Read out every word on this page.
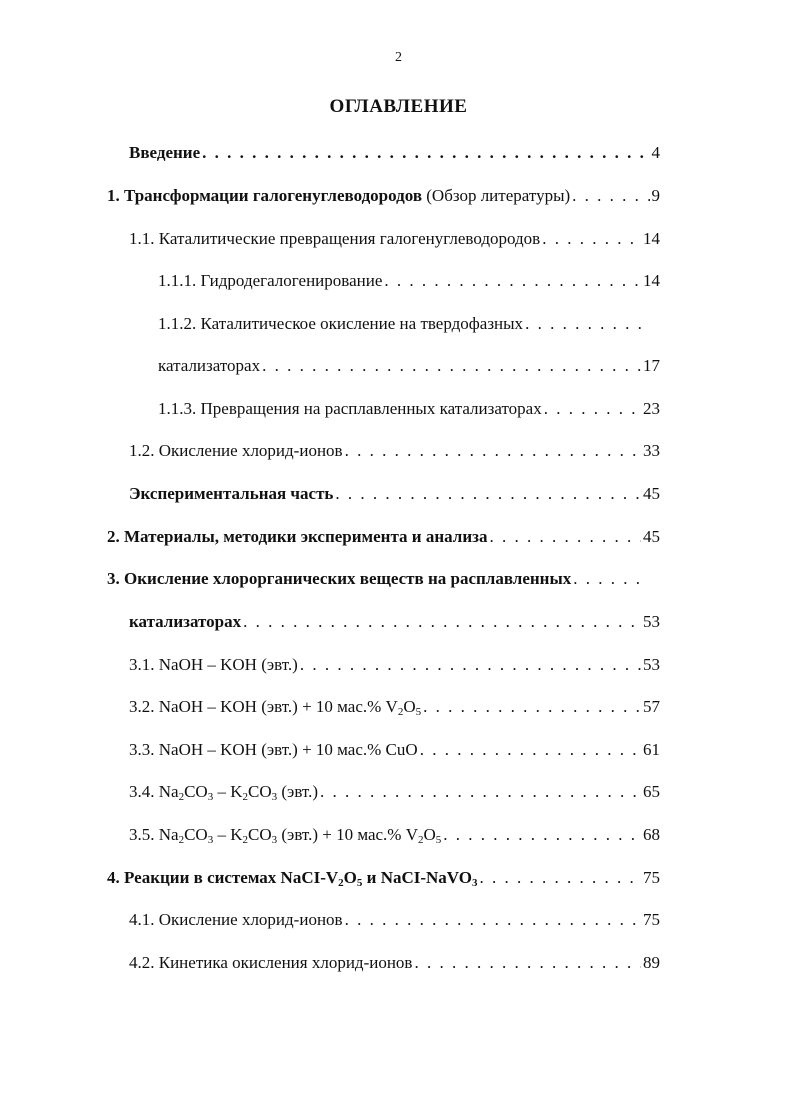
2
ОГЛАВЛЕНИЕ
Введение . . .	4
1. Трансформации галогенуглеводородов (Обзор литературы) . . .	9
1.1. Каталитические превращения галогенуглеводородов . . .	14
1.1.1. Гидродегалогенирование . . .	14
1.1.2. Каталитическое окисление на твердофазных
. . .
катализаторах . . .	17
1.1.3. Превращения на расплавленных катализаторах . . .	23
1.2. Окисление хлорид-ионов . . .	33
Экспериментальная часть . . .	45
2. Материалы, методики эксперимента и анализа . . .	45
3. Окисление хлорорганических веществ на расплавленных
. . .
катализаторах . . .	53
3.1. NaOH – KOH (эвт.) . . .	53
3.2. NaOH – KOH (эвт.) + 10 мас.% $V_2O_5$ . . .	57
3.3. NaOH – KOH (эвт.) + 10 мас.% CuO . . .	61
3.4. $Na_2CO_3 - K_2CO_3$ (эвт.) . . .	65
3.5. $Na_2CO_3 - K_2CO_3$ (эвт.) + 10 мас.% $V_2O_5$ . . .	68
4. Реакции в системах NaCI-$V_2O_5$ и NaCI-NaVO$_3$ . . .	75
4.1. Окисление хлорид-ионов . . .	75
4.2. Кинетика окисления хлорид-ионов . . .	89
